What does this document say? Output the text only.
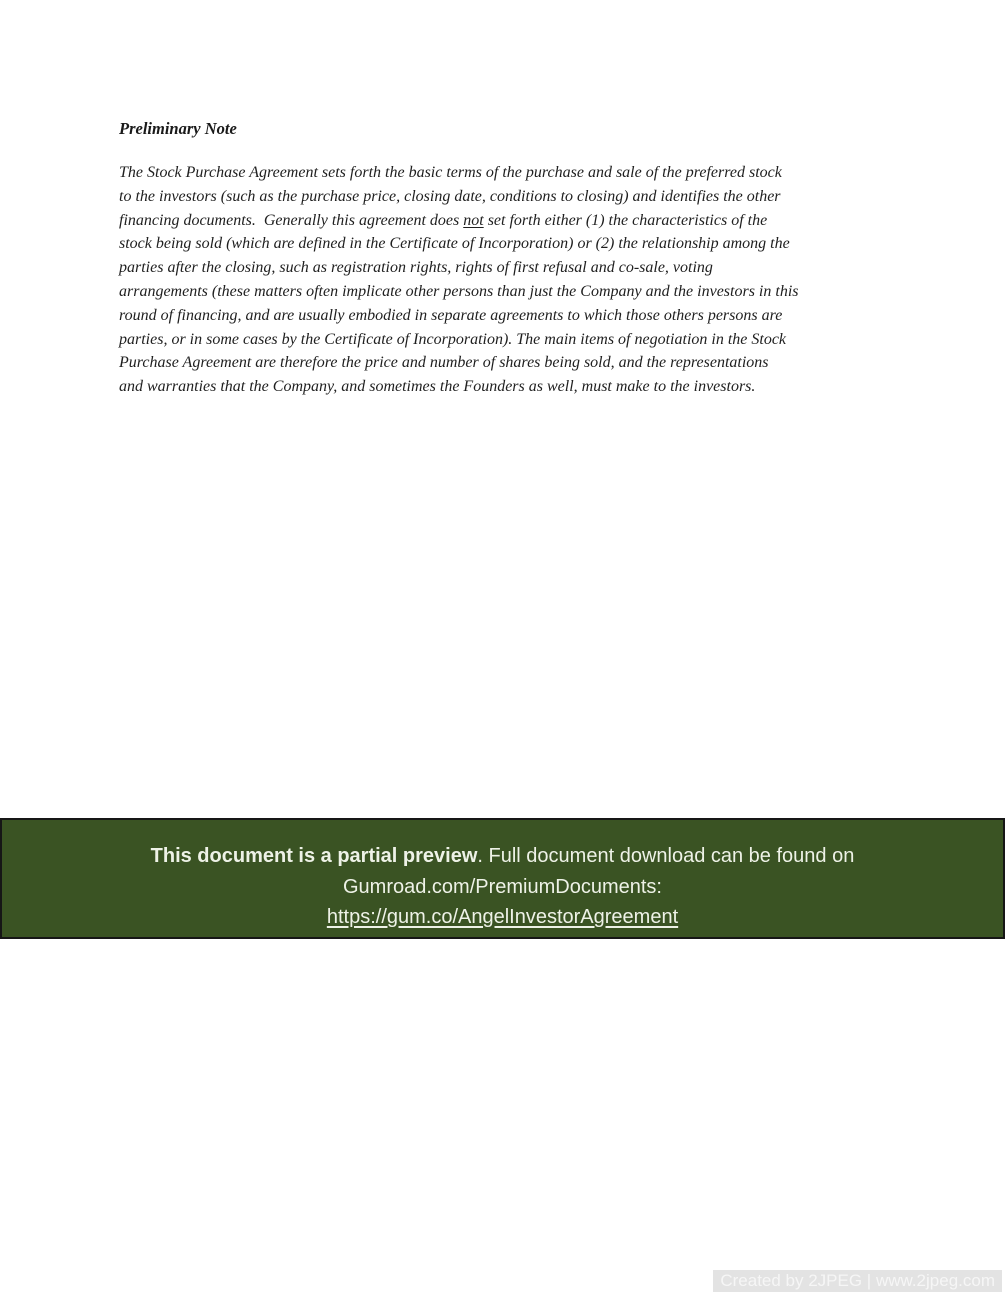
Preliminary Note
The Stock Purchase Agreement sets forth the basic terms of the purchase and sale of the preferred stock
to the investors (such as the purchase price, closing date, conditions to closing) and identifies the other
financing documents.  Generally this agreement does not set forth either (1) the characteristics of the
stock being sold (which are defined in the Certificate of Incorporation) or (2) the relationship among the
parties after the closing, such as registration rights, rights of first refusal and co-sale, voting
arrangements (these matters often implicate other persons than just the Company and the investors in this
round of financing, and are usually embodied in separate agreements to which those others persons are
parties, or in some cases by the Certificate of Incorporation). The main items of negotiation in the Stock
Purchase Agreement are therefore the price and number of shares being sold, and the representations
and warranties that the Company, and sometimes the Founders as well, must make to the investors.
This document is a partial preview. Full document download can be found on
Gumroad.com/PremiumDocuments:
https://gum.co/AngelInvestorAgreement
Created by 2JPEG | www.2jpeg.com
